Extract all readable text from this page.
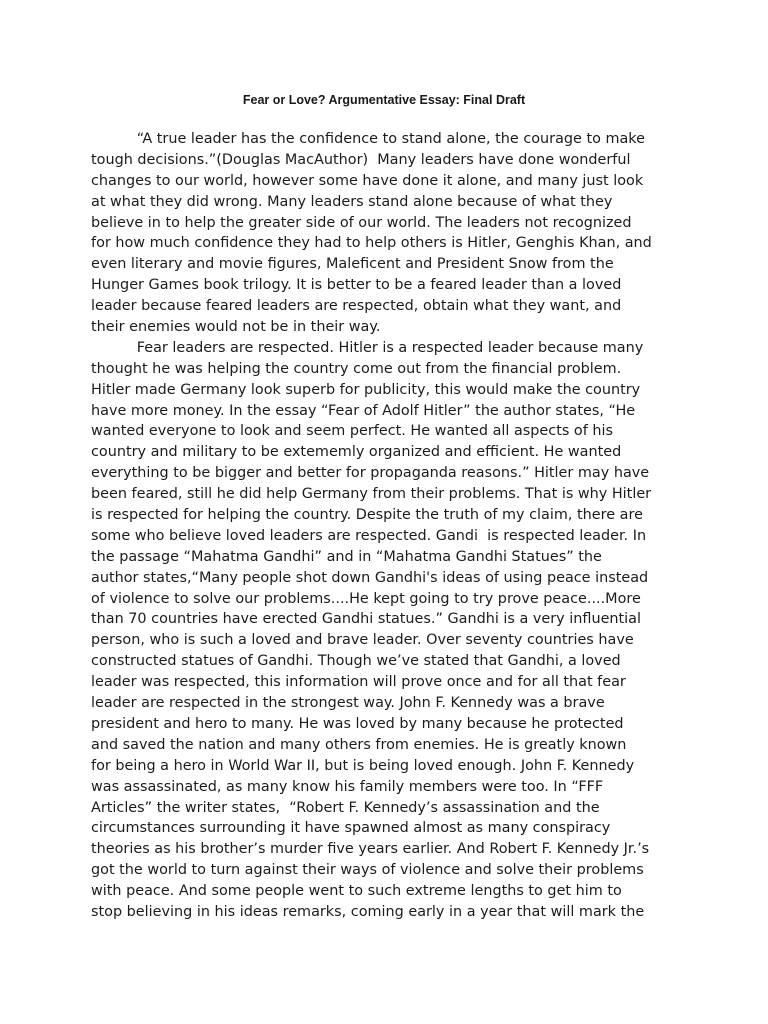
Fear or Love? Argumentative Essay: Final Draft
“A true leader has the confidence to stand alone, the courage to make
tough decisions.”(Douglas MacAuthor)  Many leaders have done wonderful
changes to our world, however some have done it alone, and many just look
at what they did wrong. Many leaders stand alone because of what they
believe in to help the greater side of our world. The leaders not recognized
for how much confidence they had to help others is Hitler, Genghis Khan, and
even literary and movie figures, Maleficent and President Snow from the
Hunger Games book trilogy. It is better to be a feared leader than a loved
leader because feared leaders are respected, obtain what they want, and
their enemies would not be in their way.
Fear leaders are respected. Hitler is a respected leader because many
thought he was helping the country come out from the financial problem.
Hitler made Germany look superb for publicity, this would make the country
have more money. In the essay “Fear of Adolf Hitler” the author states, “He
wanted everyone to look and seem perfect. He wanted all aspects of his
country and military to be extememly organized and efficient. He wanted
everything to be bigger and better for propaganda reasons.” Hitler may have
been feared, still he did help Germany from their problems. That is why Hitler
is respected for helping the country. Despite the truth of my claim, there are
some who believe loved leaders are respected. Gandi  is respected leader. In
the passage “Mahatma Gandhi” and in “Mahatma Gandhi Statues” the
author states,“Many people shot down Gandhi's ideas of using peace instead
of violence to solve our problems....He kept going to try prove peace....More
than 70 countries have erected Gandhi statues.” Gandhi is a very influential
person, who is such a loved and brave leader. Over seventy countries have
constructed statues of Gandhi. Though we’ve stated that Gandhi, a loved
leader was respected, this information will prove once and for all that fear
leader are respected in the strongest way. John F. Kennedy was a brave
president and hero to many. He was loved by many because he protected
and saved the nation and many others from enemies. He is greatly known
for being a hero in World War II, but is being loved enough. John F. Kennedy
was assassinated, as many know his family members were too. In “FFF
Articles” the writer states,  “Robert F. Kennedy’s assassination and the
circumstances surrounding it have spawned almost as many conspiracy
theories as his brother’s murder five years earlier. And Robert F. Kennedy Jr.’s
got the world to turn against their ways of violence and solve their problems
with peace. And some people went to such extreme lengths to get him to
stop believing in his ideas remarks, coming early in a year that will mark the
